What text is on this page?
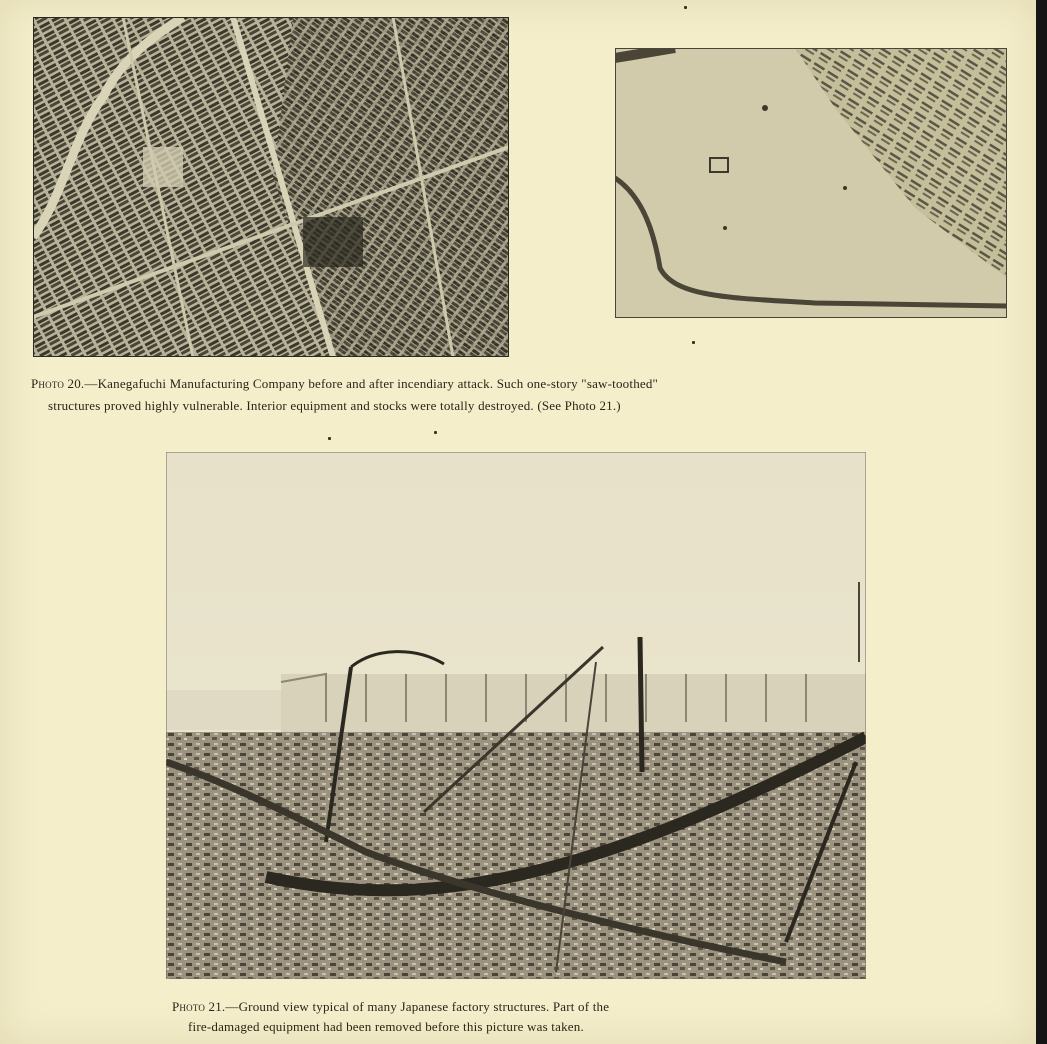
Photo 20.—Kanegafuchi Manufacturing Company before and after incendiary attack. Such one-story "saw-toothed"
structures proved highly vulnerable. Interior equipment and stocks were totally destroyed. (See Photo 21.)
Photo 21.—Ground view typical of many Japanese factory structures. Part of the
fire-damaged equipment had been removed before this picture was taken.
